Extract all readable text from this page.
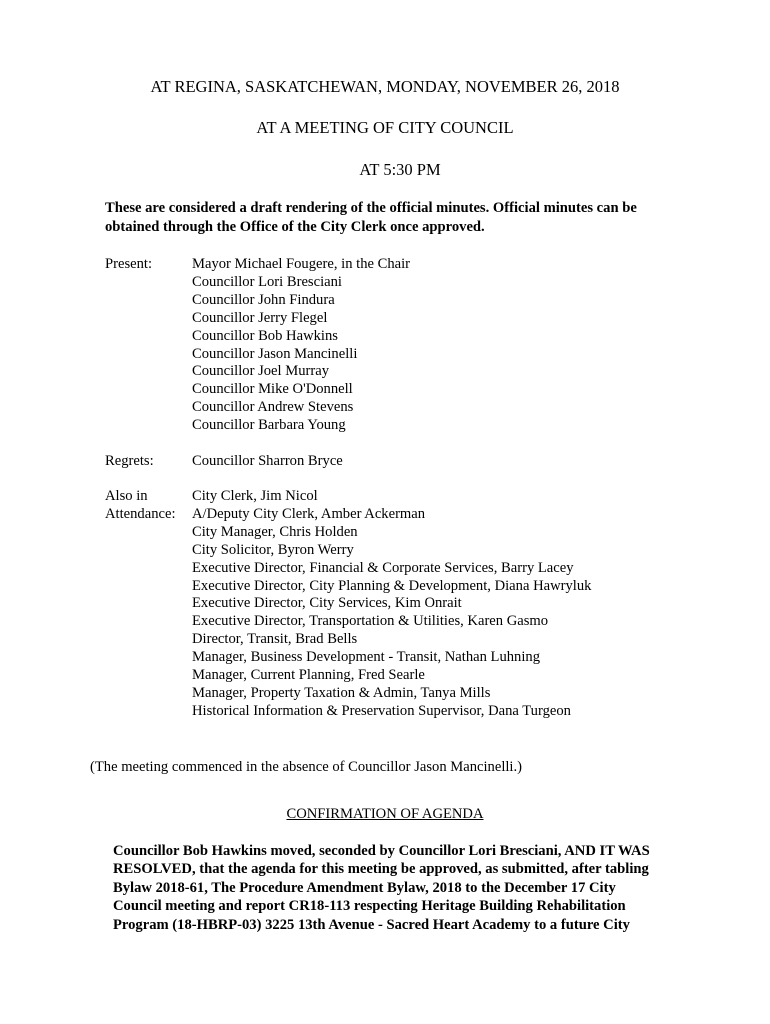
AT REGINA, SASKATCHEWAN, MONDAY, NOVEMBER 26, 2018
AT A MEETING OF CITY COUNCIL
AT 5:30 PM
These are considered a draft rendering of the official minutes. Official minutes can be
obtained through the Office of the City Clerk once approved.
Present:	Mayor Michael Fougere, in the Chair
Councillor Lori Bresciani
Councillor John Findura
Councillor Jerry Flegel
Councillor Bob Hawkins
Councillor Jason Mancinelli
Councillor Joel Murray
Councillor Mike O'Donnell
Councillor Andrew Stevens
Councillor Barbara Young
Regrets:	Councillor Sharron Bryce
Also in
Attendance:
City Clerk, Jim Nicol
A/Deputy City Clerk, Amber Ackerman
City Manager, Chris Holden
City Solicitor, Byron Werry
Executive Director, Financial & Corporate Services, Barry Lacey
Executive Director, City Planning & Development, Diana Hawryluk
Executive Director, City Services, Kim Onrait
Executive Director, Transportation & Utilities, Karen Gasmo
Director, Transit, Brad Bells
Manager, Business Development - Transit, Nathan Luhning
Manager, Current Planning, Fred Searle
Manager, Property Taxation & Admin, Tanya Mills
Historical Information & Preservation Supervisor, Dana Turgeon
(The meeting commenced in the absence of Councillor Jason Mancinelli.)
CONFIRMATION OF AGENDA
Councillor Bob Hawkins moved, seconded by Councillor Lori Bresciani, AND IT WAS
RESOLVED, that the agenda for this meeting be approved, as submitted, after tabling
Bylaw 2018-61, The Procedure Amendment Bylaw, 2018 to the December 17 City
Council meeting and report CR18-113 respecting Heritage Building Rehabilitation
Program (18-HBRP-03) 3225 13th Avenue - Sacred Heart Academy to a future City
